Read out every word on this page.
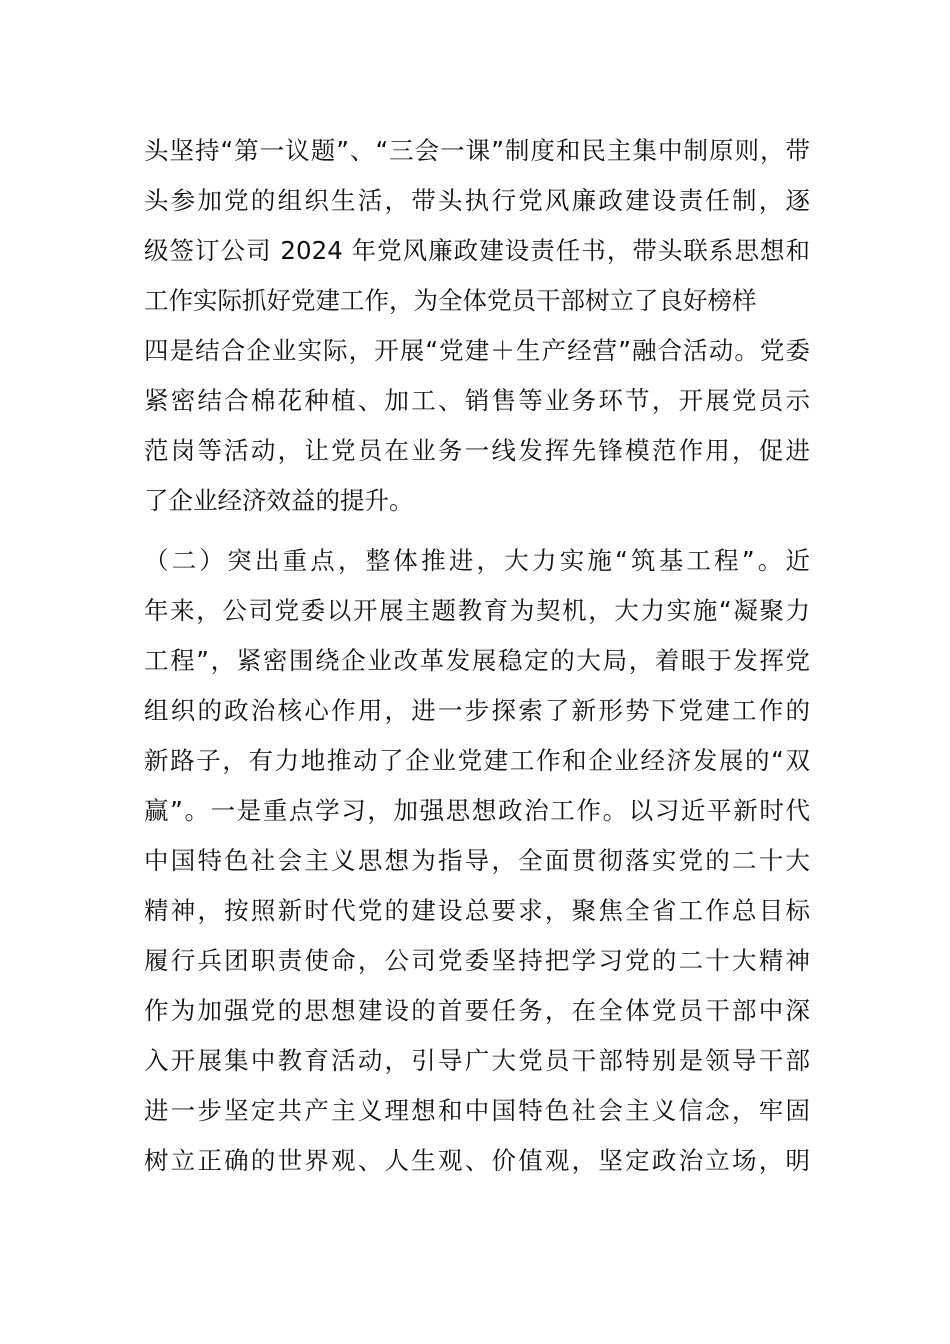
头坚持“第一议题”、“三会一课”制度和民主集中制原则，带
头参加党的组织生活，带头执行党风廉政建设责任制，逐
级签订公司 2024 年党风廉政建设责任书，带头联系思想和
工作实际抓好党建工作，为全体党员干部树立了良好榜样
四是结合企业实际，开展“党建＋生产经营”融合活动。党委
紧密结合棉花种植、加工、销售等业务环节，开展党员示
范岗等活动，让党员在业务一线发挥先锋模范作用，促进
了企业经济效益的提升。
（二）突出重点，整体推进，大力实施“筑基工程”。近
年来，公司党委以开展主题教育为契机，大力实施“凝聚力
工程”，紧密围绕企业改革发展稳定的大局，着眼于发挥党
组织的政治核心作用，进一步探索了新形势下党建工作的
新路子，有力地推动了企业党建工作和企业经济发展的“双
赢”。一是重点学习，加强思想政治工作。以习近平新时代
中国特色社会主义思想为指导，全面贯彻落实党的二十大
精神，按照新时代党的建设总要求，聚焦全省工作总目标
履行兵团职责使命，公司党委坚持把学习党的二十大精神
作为加强党的思想建设的首要任务，在全体党员干部中深
入开展集中教育活动，引导广大党员干部特别是领导干部
进一步坚定共产主义理想和中国特色社会主义信念，牢固
树立正确的世界观、人生观、价值观，坚定政治立场，明
